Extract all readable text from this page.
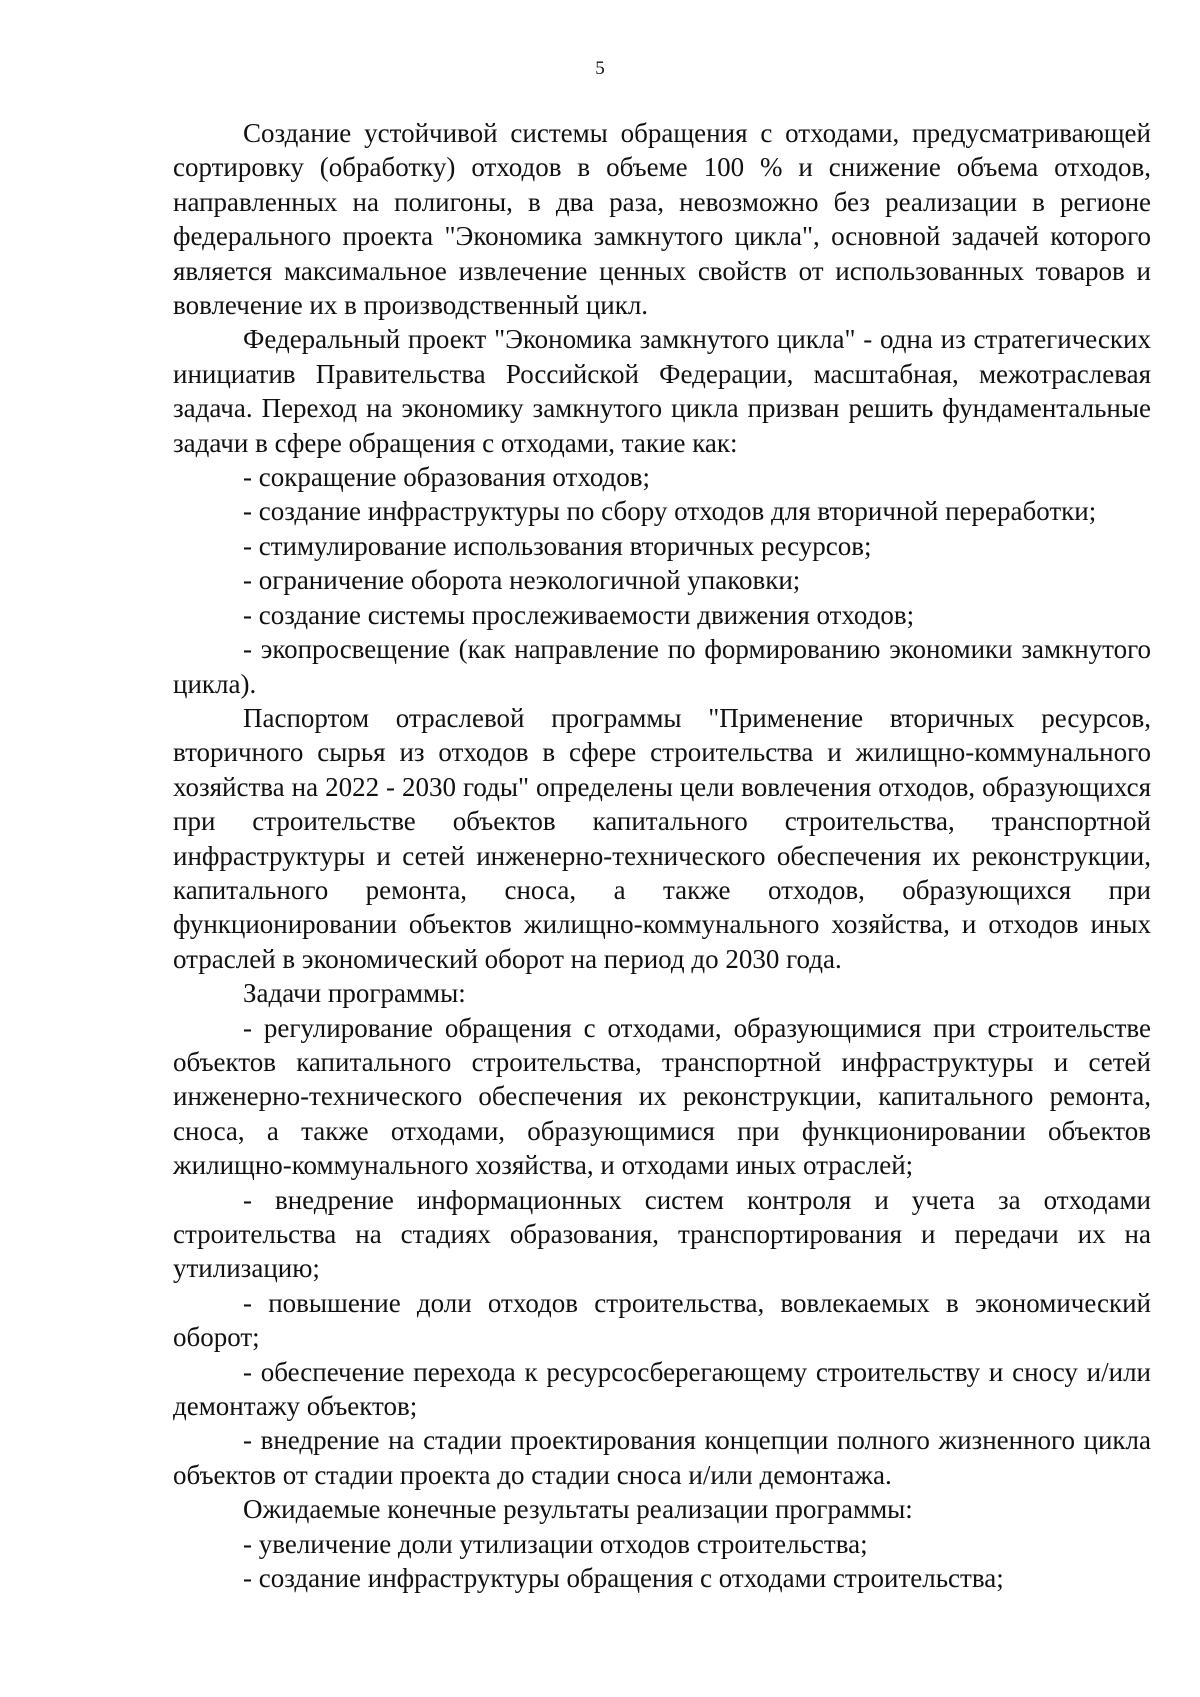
5

Создание устойчивой системы обращения с отходами, предусматривающей сортировку (обработку) отходов в объеме 100 % и снижение объема отходов, направленных на полигоны, в два раза, невозможно без реализации в регионе федерального проекта "Экономика замкнутого цикла", основной задачей которого является максимальное извлечение ценных свойств от использованных товаров и вовлечение их в производственный цикл.

Федеральный проект "Экономика замкнутого цикла" - одна из стратегических инициатив Правительства Российской Федерации, масштабная, межотраслевая задача. Переход на экономику замкнутого цикла призван решить фундаментальные задачи в сфере обращения с отходами, такие как:

- сокращение образования отходов;

- создание инфраструктуры по сбору отходов для вторичной переработки;

- стимулирование использования вторичных ресурсов;

- ограничение оборота неэкологичной упаковки;

- создание системы прослеживаемости движения отходов;

- экопросвещение (как направление по формированию экономики замкнутого цикла).

Паспортом отраслевой программы "Применение вторичных ресурсов, вторичного сырья из отходов в сфере строительства и жилищно-коммунального хозяйства на 2022 - 2030 годы" определены цели вовлечения отходов, образующихся при строительстве объектов капитального строительства, транспортной инфраструктуры и сетей инженерно-технического обеспечения их реконструкции, капитального ремонта, сноса, а также отходов, образующихся при функционировании объектов жилищно-коммунального хозяйства, и отходов иных отраслей в экономический оборот на период до 2030 года.

Задачи программы:

- регулирование обращения с отходами, образующимися при строительстве объектов капитального строительства, транспортной инфраструктуры и сетей инженерно-технического обеспечения их реконструкции, капитального ремонта, сноса, а также отходами, образующимися при функционировании объектов жилищно-коммунального хозяйства, и отходами иных отраслей;

- внедрение информационных систем контроля и учета за отходами строительства на стадиях образования, транспортирования и передачи их на утилизацию;

- повышение доли отходов строительства, вовлекаемых в экономический оборот;

- обеспечение перехода к ресурсосберегающему строительству и сносу и/или демонтажу объектов;

- внедрение на стадии проектирования концепции полного жизненного цикла объектов от стадии проекта до стадии сноса и/или демонтажа.

Ожидаемые конечные результаты реализации программы:

- увеличение доли утилизации отходов строительства;

- создание инфраструктуры обращения с отходами строительства;
